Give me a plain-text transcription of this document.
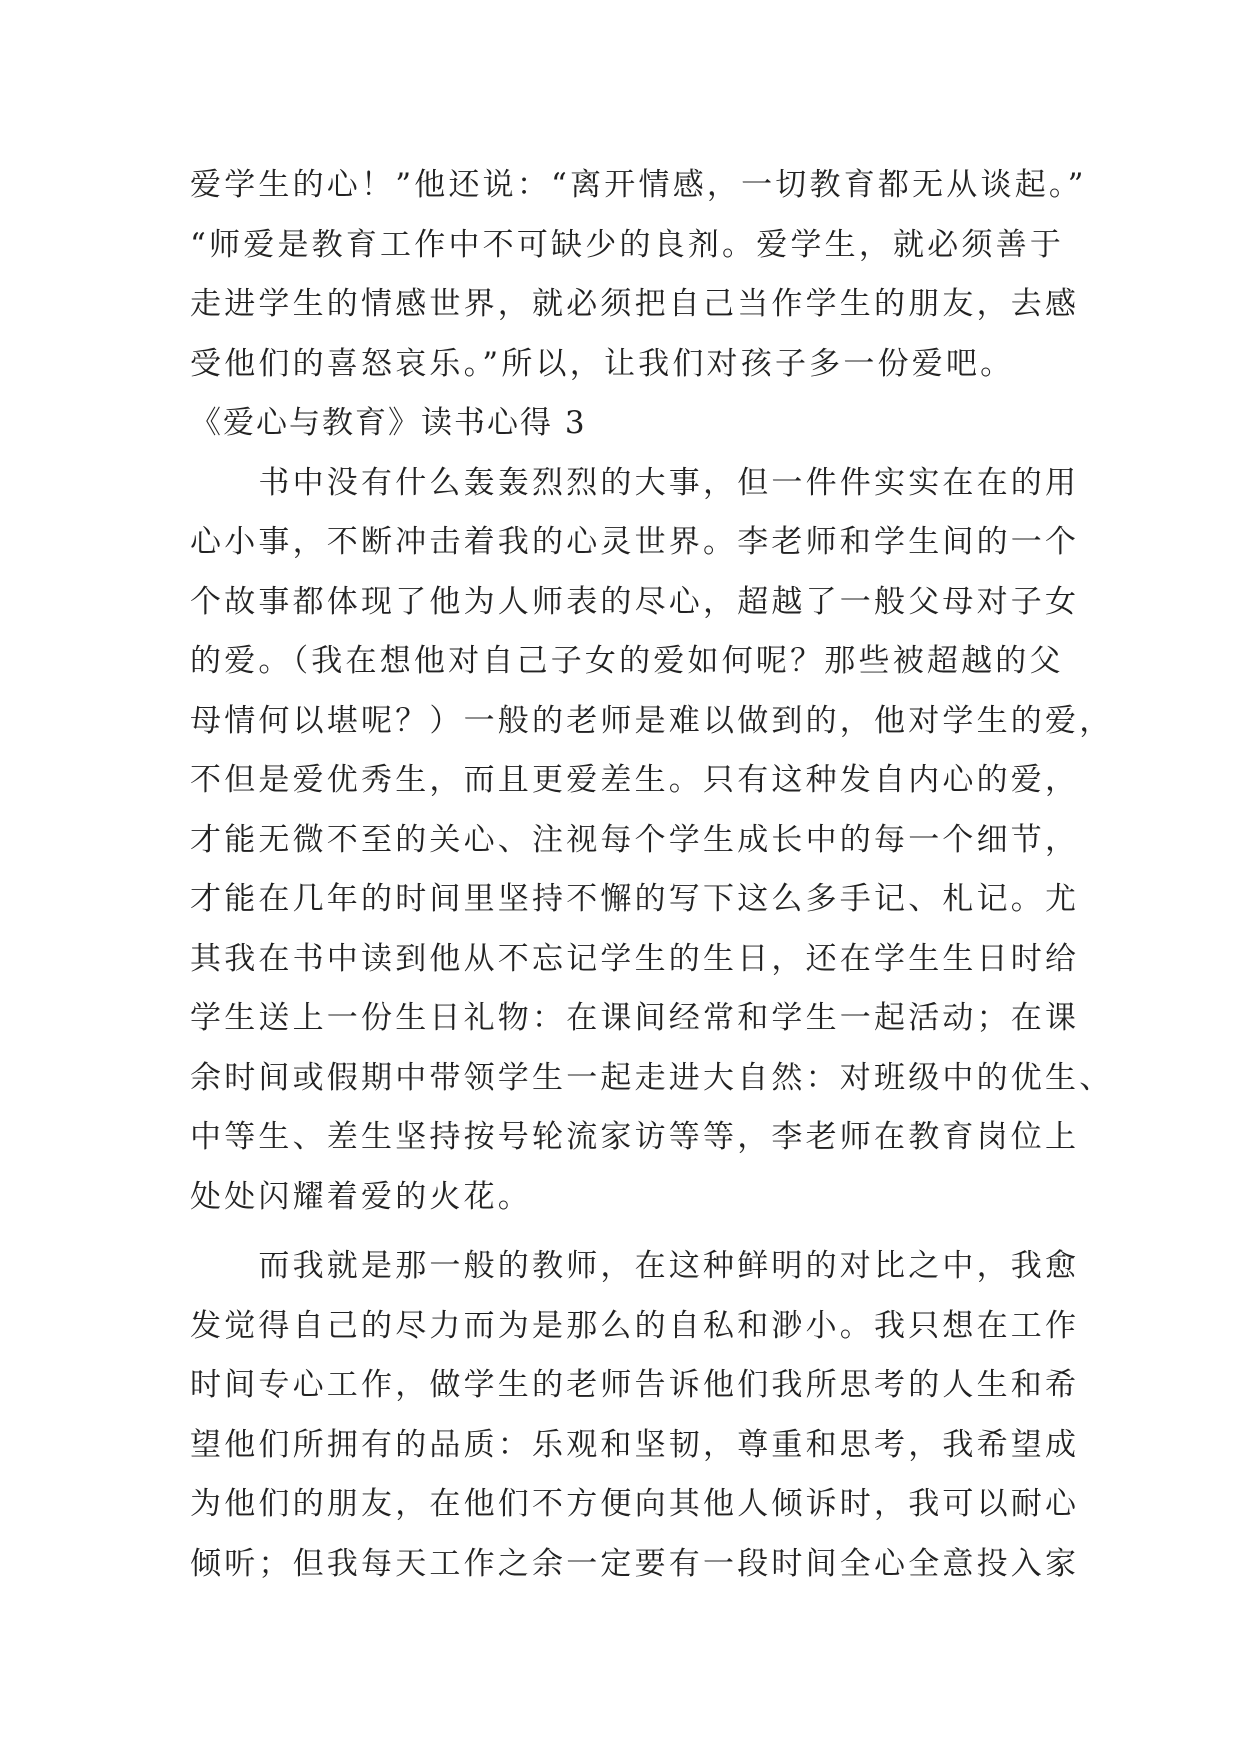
爱学生的心！”他还说：“离开情感，一切教育都无从谈起。”
“师爱是教育工作中不可缺少的良剂。爱学生，就必须善于
走进学生的情感世界，就必须把自己当作学生的朋友，去感
受他们的喜怒哀乐。”所以，让我们对孩子多一份爱吧。
《爱心与教育》读书心得 3
　　书中没有什么轰轰烈烈的大事，但一件件实实在在的用
心小事，不断冲击着我的心灵世界。李老师和学生间的一个
个故事都体现了他为人师表的尽心，超越了一般父母对子女
的爱。（我在想他对自己子女的爱如何呢？那些被超越的父
母情何以堪呢？）一般的老师是难以做到的，他对学生的爱，
不但是爱优秀生，而且更爱差生。只有这种发自内心的爱，
才能无微不至的关心、注视每个学生成长中的每一个细节，
才能在几年的时间里坚持不懈的写下这么多手记、札记。尤
其我在书中读到他从不忘记学生的生日，还在学生生日时给
学生送上一份生日礼物：在课间经常和学生一起活动；在课
余时间或假期中带领学生一起走进大自然：对班级中的优生、
中等生、差生坚持按号轮流家访等等，李老师在教育岗位上
处处闪耀着爱的火花。
　　而我就是那一般的教师，在这种鲜明的对比之中，我愈
发觉得自己的尽力而为是那么的自私和渺小。我只想在工作
时间专心工作，做学生的老师告诉他们我所思考的人生和希
望他们所拥有的品质：乐观和坚韧，尊重和思考，我希望成
为他们的朋友，在他们不方便向其他人倾诉时，我可以耐心
倾听；但我每天工作之余一定要有一段时间全心全意投入家
